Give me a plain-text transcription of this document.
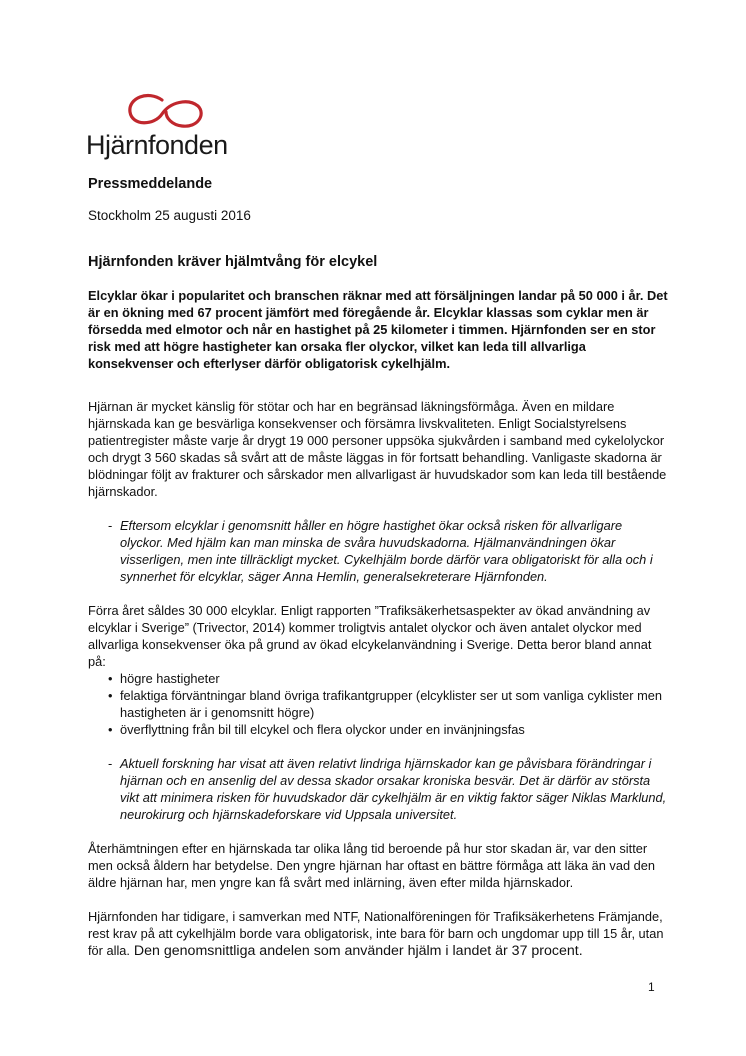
Hjärnfonden
Pressmeddelande
Stockholm 25 augusti 2016
Hjärnfonden kräver hjälmtvång för elcykel
Elcyklar ökar i popularitet och branschen räknar med att försäljningen landar på 50 000 i år. Det är en ökning med 67 procent jämfört med föregående år. Elcyklar klassas som cyklar men är försedda med elmotor och når en hastighet på 25 kilometer i timmen. Hjärnfonden ser en stor risk med att högre hastigheter kan orsaka fler olyckor, vilket kan leda till allvarliga konsekvenser och efterlyser därför obligatorisk cykelhjälm.

Hjärnan är mycket känslig för stötar och har en begränsad läkningsförmåga. Även en mildare hjärnskada kan ge besvärliga konsekvenser och försämra livskvaliteten. Enligt Socialstyrelsens patientregister måste varje år drygt 19 000 personer uppsöka sjukvården i samband med cykelolyckor och drygt 3 560 skadas så svårt att de måste läggas in för fortsatt behandling. Vanligaste skadorna är blödningar följt av frakturer och sårskador men allvarligast är huvudskador som kan leda till bestående hjärnskador.

- Eftersom elcyklar i genomsnitt håller en högre hastighet ökar också risken för allvarligare olyckor. Med hjälm kan man minska de svåra huvudskadorna. Hjälmanvändningen ökar visserligen, men inte tillräckligt mycket. Cykelhjälm borde därför vara obligatoriskt för alla och i synnerhet för elcyklar, säger Anna Hemlin, generalsekreterare Hjärnfonden.

Förra året såldes 30 000 elcyklar. Enligt rapporten ”Trafiksäkerhetsaspekter av ökad användning av elcyklar i Sverige” (Trivector, 2014) kommer troligtvis antalet olyckor och även antalet olyckor med allvarliga konsekvenser öka på grund av ökad elcykelanvändning i Sverige. Detta beror bland annat på:

• högre hastigheter
• felaktiga förväntningar bland övriga trafikantgrupper (elcyklister ser ut som vanliga cyklister men hastigheten är i genomsnitt högre)
• överflyttning från bil till elcykel och flera olyckor under en invänjningsfas
- Aktuell forskning har visat att även relativt lindriga hjärnskador kan ge påvisbara förändringar i hjärnan och en ansenlig del av dessa skador orsakar kroniska besvär. Det är därför av största vikt att minimera risken för huvudskador där cykelhjälm är en viktig faktor säger Niklas Marklund, neurokirurg och hjärnskadeforskare vid Uppsala universitet.

Återhämtningen efter en hjärnskada tar olika lång tid beroende på hur stor skadan är, var den sitter men också åldern har betydelse. Den yngre hjärnan har oftast en bättre förmåga att läka än vad den äldre hjärnan har, men yngre kan få svårt med inlärning, även efter milda hjärnskador.

Hjärnfonden har tidigare, i samverkan med NTF, Nationalföreningen för Trafiksäkerhetens Främjande, rest krav på att cykelhjälm borde vara obligatorisk, inte bara för barn och ungdomar upp till 15 år, utan för alla. Den genomsnittliga andelen som använder hjälm i landet är 37 procent.

1
